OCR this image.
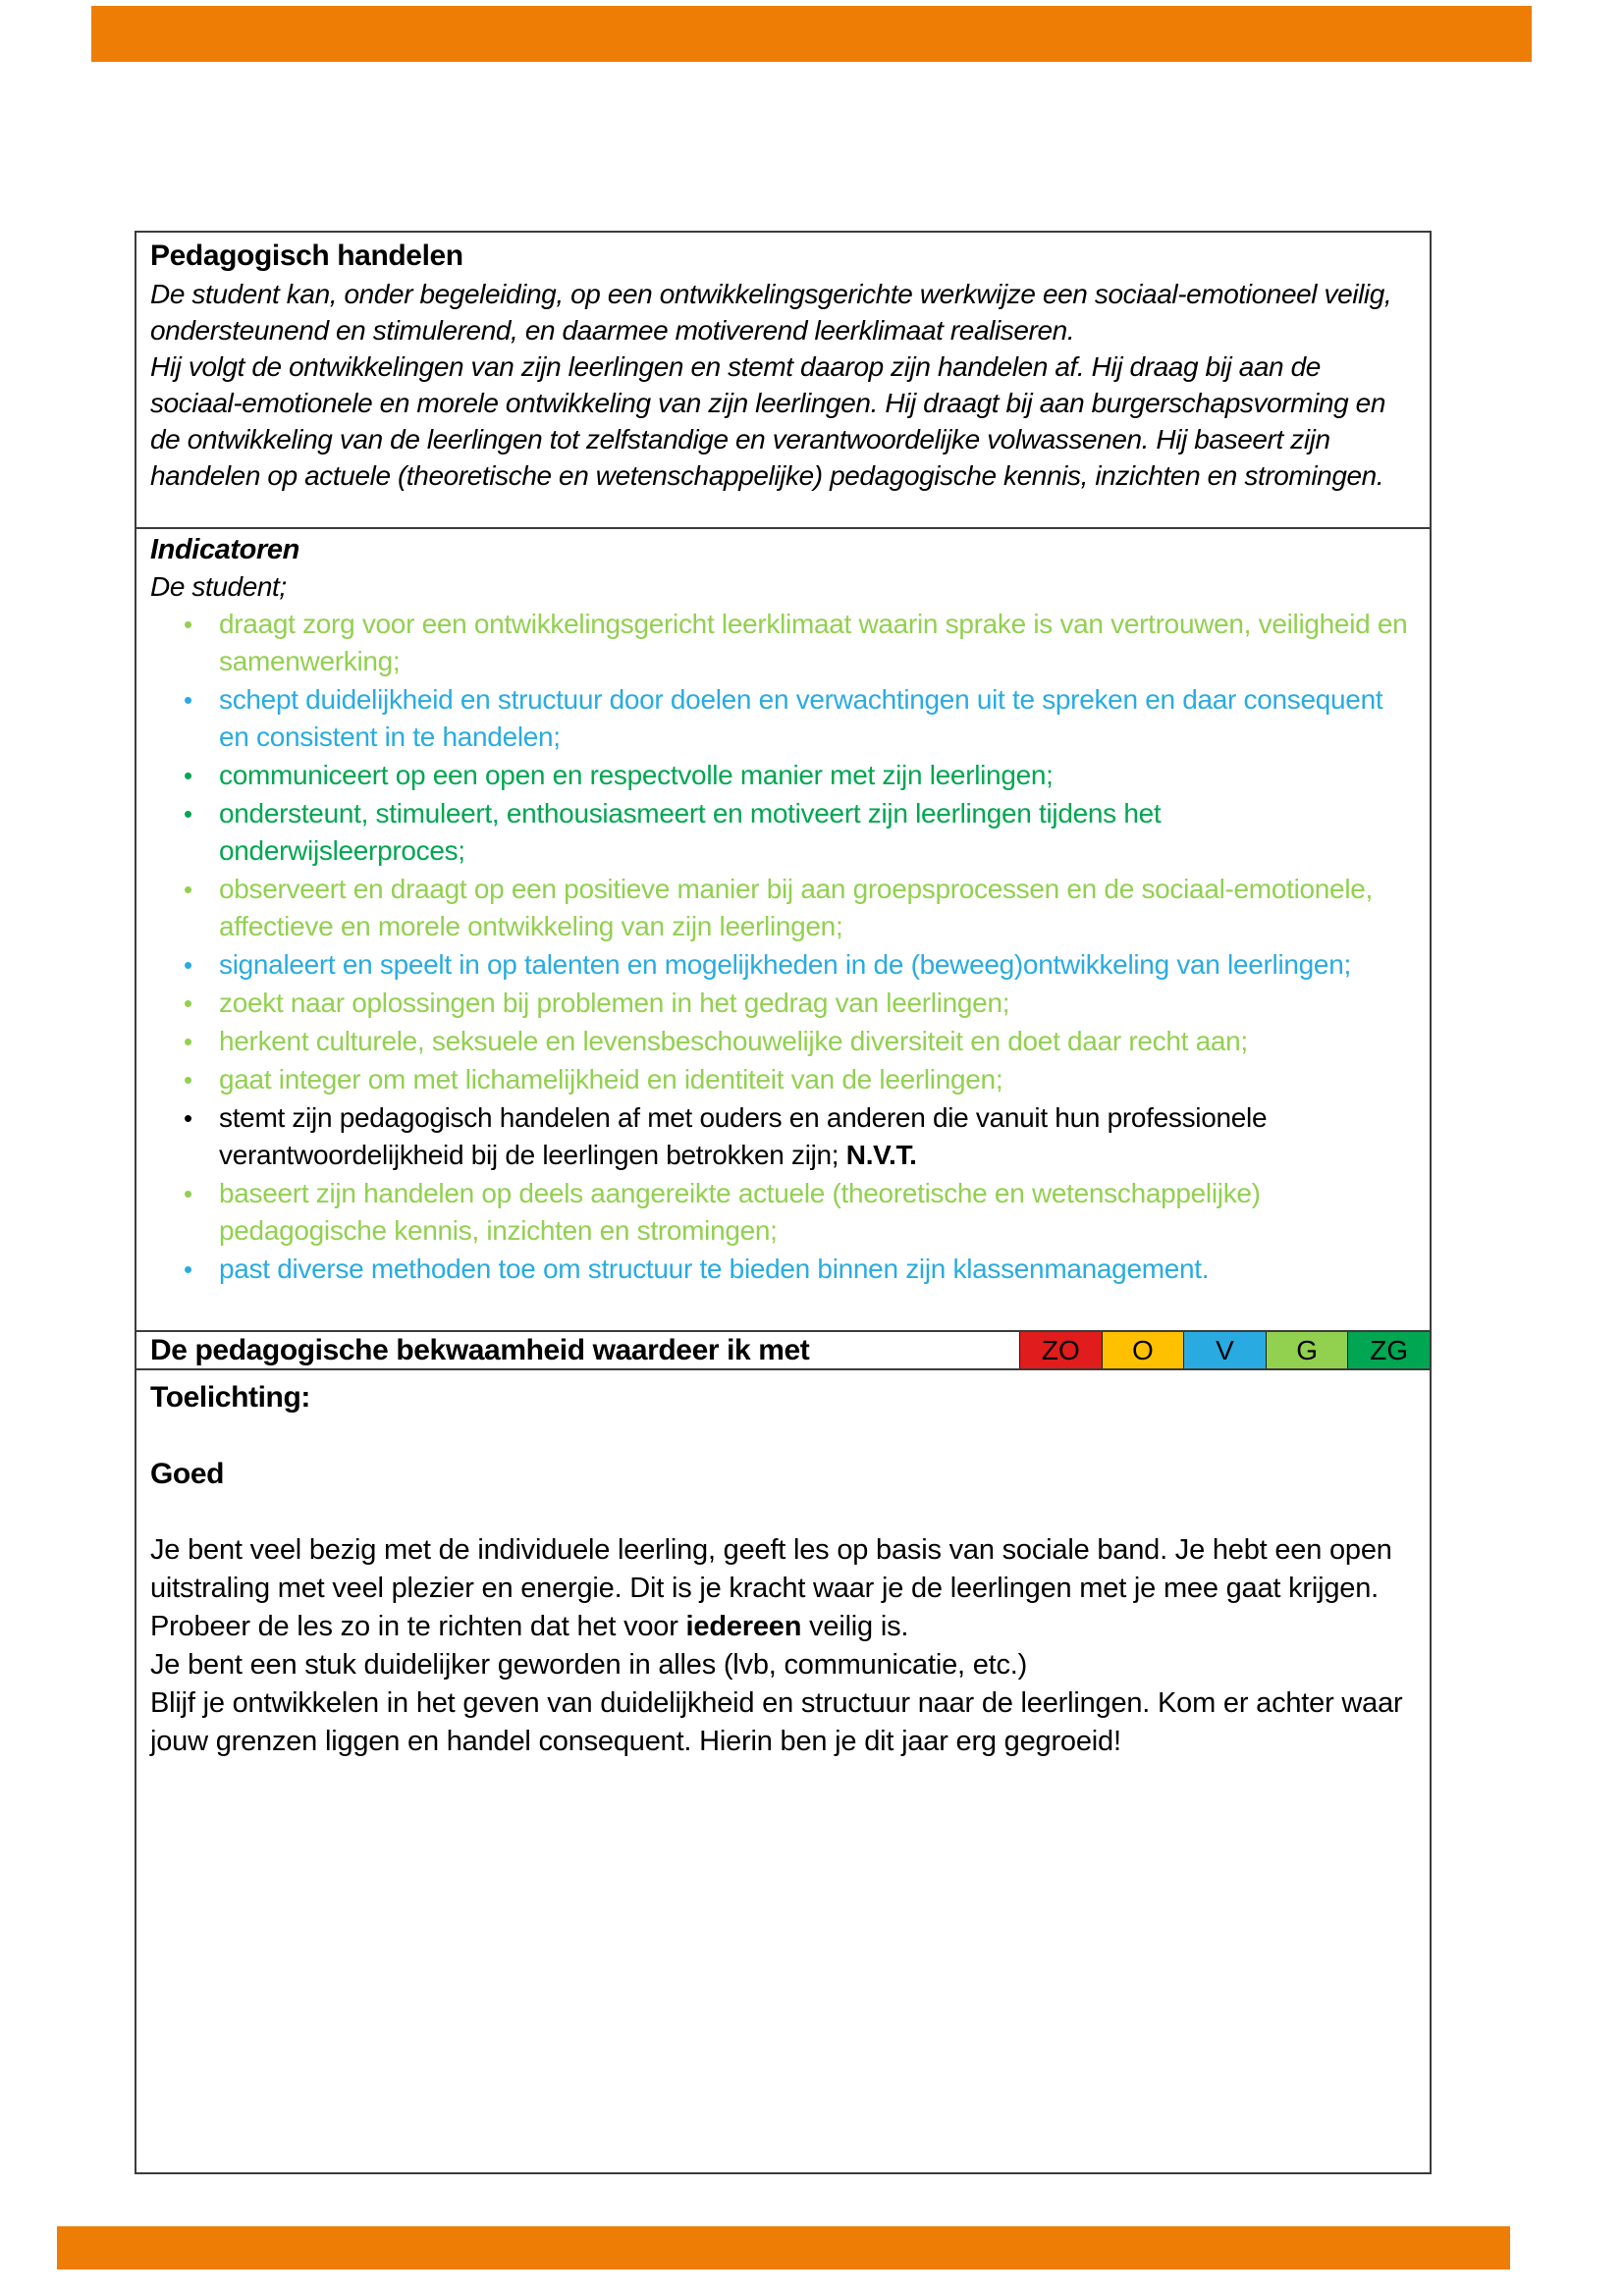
Pedagogisch handelen

De student kan, onder begeleiding, op een ontwikkelingsgerichte werkwijze een sociaal-emotioneel veilig, ondersteunend en stimulerend, en daarmee motiverend leerklimaat realiseren.

Hij volgt de ontwikkelingen van zijn leerlingen en stemt daarop zijn handelen af. Hij draag bij aan de sociaal-emotionele en morele ontwikkeling van zijn leerlingen. Hij draagt bij aan burgerschapsvorming en de ontwikkeling van de leerlingen tot zelfstandige en verantwoordelijke volwassenen. Hij baseert zijn handelen op actuele (theoretische en wetenschappelijke) pedagogische kennis, inzichten en stromingen.

Indicatoren

De student;

• draagt zorg voor een ontwikkelingsgericht leerklimaat waarin sprake is van vertrouwen, veiligheid en samenwerking;
• schept duidelijkheid en structuur door doelen en verwachtingen uit te spreken en daar consequent en consistent in te handelen;
• communiceert op een open en respectvolle manier met zijn leerlingen;
• ondersteunt, stimuleert, enthousiasmeert en motiveert zijn leerlingen tijdens het onderwijsleerproces;
• observeert en draagt op een positieve manier bij aan groepsprocessen en de sociaal-emotionele, affectieve en morele ontwikkeling van zijn leerlingen;
• signaleert en speelt in op talenten en mogelijkheden in de (beweeg)ontwikkeling van leerlingen;
• zoekt naar oplossingen bij problemen in het gedrag van leerlingen;
• herkent culturele, seksuele en levensbeschouwelijke diversiteit en doet daar recht aan;
• gaat integer om met lichamelijkheid en identiteit van de leerlingen;
• stemt zijn pedagogisch handelen af met ouders en anderen die vanuit hun professionele verantwoordelijkheid bij de leerlingen betrokken zijn; N.V.T.
• baseert zijn handelen op deels aangereikte actuele (theoretische en wetenschappelijke) pedagogische kennis, inzichten en stromingen;
• past diverse methoden toe om structuur te bieden binnen zijn klassenmanagement.
De pedagogische bekwaamheid waardeer ik met	ZO	O	V	G	ZG
Toelichting:
Goed

Je bent veel bezig met de individuele leerling, geeft les op basis van sociale band. Je hebt een open uitstraling met veel plezier en energie. Dit is je kracht waar je de leerlingen met je mee gaat krijgen. Probeer de les zo in te richten dat het voor iedereen veilig is.

Je bent een stuk duidelijker geworden in alles (lvb, communicatie, etc.)

Blijf je ontwikkelen in het geven van duidelijkheid en structuur naar de leerlingen. Kom er achter waar jouw grenzen liggen en handel consequent. Hierin ben je dit jaar erg gegroeid!
